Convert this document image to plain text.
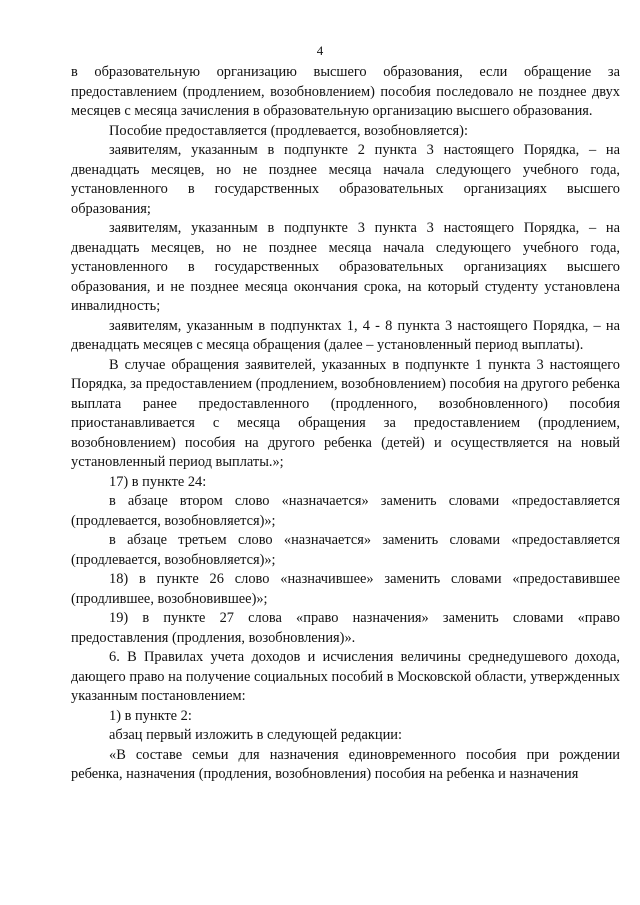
4

в образовательную организацию высшего образования, если обращение за предоставлением (продлением, возобновлением) пособия последовало не позднее двух месяцев с месяца зачисления в образовательную организацию высшего образования.

Пособие предоставляется (продлевается, возобновляется):

заявителям, указанным в подпункте 2 пункта 3 настоящего Порядка, – на двенадцать месяцев, но не позднее месяца начала следующего учебного года, установленного в государственных образовательных организациях высшего образования;

заявителям, указанным в подпункте 3 пункта 3 настоящего Порядка, – на двенадцать месяцев, но не позднее месяца начала следующего учебного года, установленного в государственных образовательных организациях высшего образования, и не позднее месяца окончания срока, на который студенту установлена инвалидность;

заявителям, указанным в подпунктах 1, 4 - 8 пункта 3 настоящего Порядка, – на двенадцать месяцев с месяца обращения (далее – установленный период выплаты).

В случае обращения заявителей, указанных в подпункте 1 пункта 3 настоящего Порядка, за предоставлением (продлением, возобновлением) пособия на другого ребенка выплата ранее предоставленного (продленного, возобновленного) пособия приостанавливается с месяца обращения за предоставлением (продлением, возобновлением) пособия на другого ребенка (детей) и осуществляется на новый установленный период выплаты.»;

17) в пункте 24:

в абзаце втором слово «назначается» заменить словами «предоставляется (продлевается, возобновляется)»;

в абзаце третьем слово «назначается» заменить словами «предоставляется (продлевается, возобновляется)»;

18) в пункте 26 слово «назначившее» заменить словами «предоставившее (продлившее, возобновившее)»;

19) в пункте 27 слова «право назначения» заменить словами «право предоставления (продления, возобновления)».

6. В Правилах учета доходов и исчисления величины среднедушевого дохода, дающего право на получение социальных пособий в Московской области, утвержденных указанным постановлением:

1) в пункте 2:

абзац первый изложить в следующей редакции:

«В составе семьи для назначения единовременного пособия при рождении ребенка, назначения (продления, возобновления) пособия на ребенка и назначения
